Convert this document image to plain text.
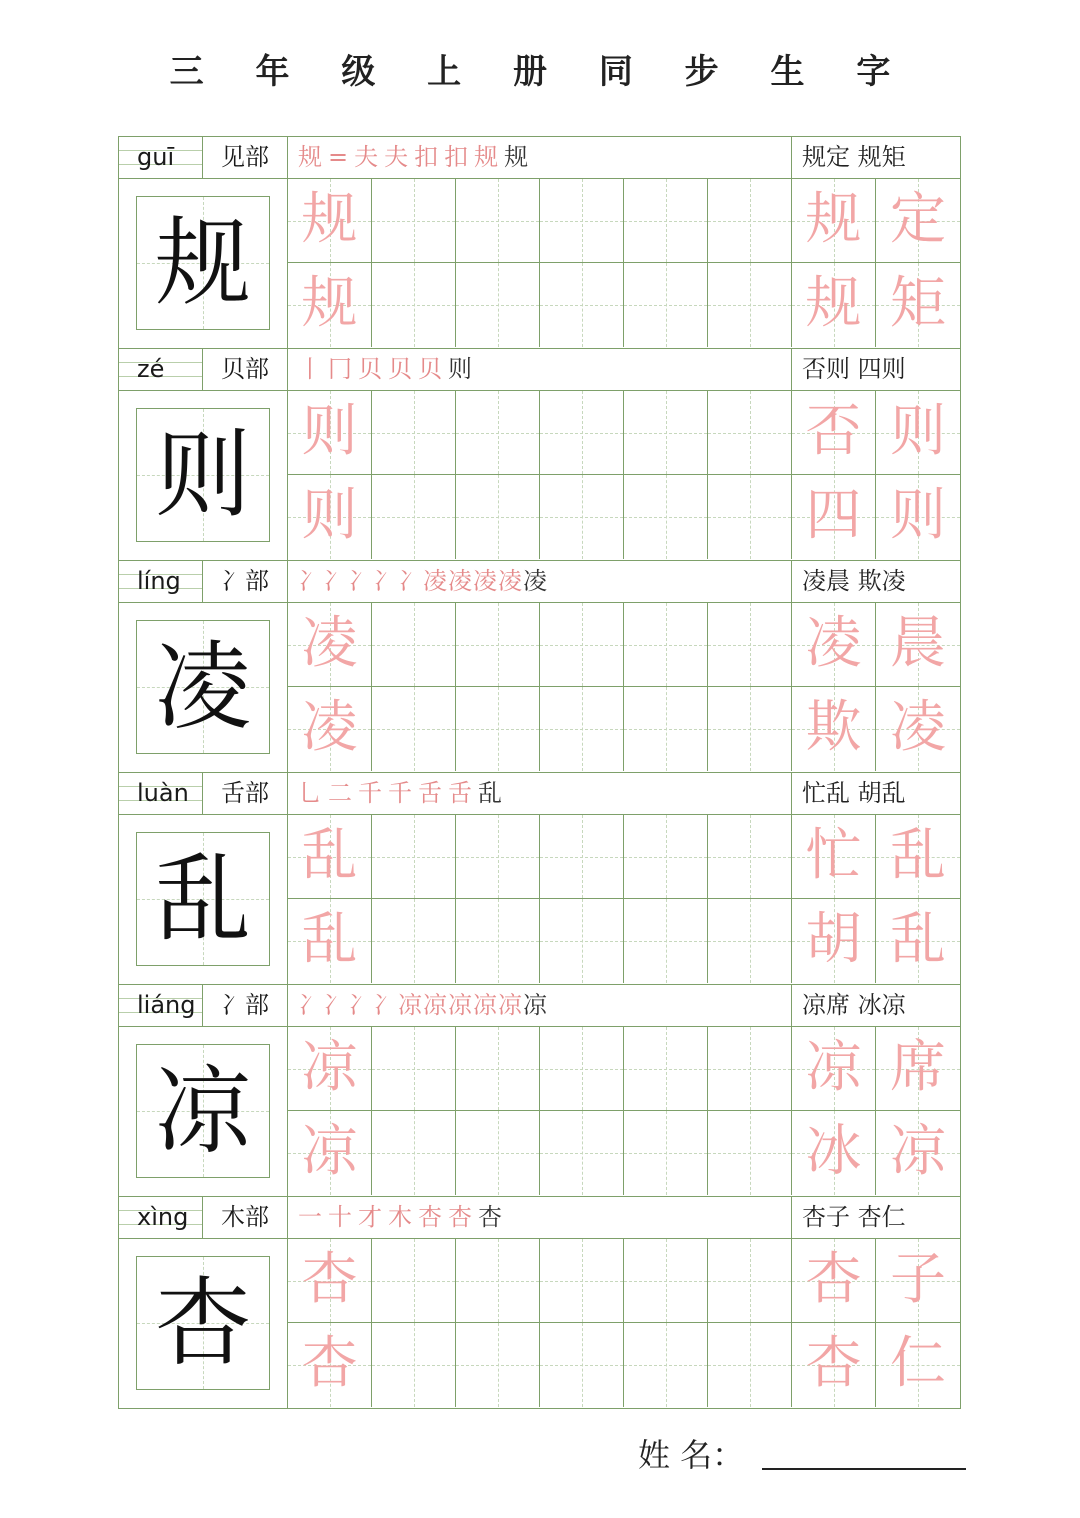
三 年 级 上 册 同 步 生 字
guī	见部	规=夫夫扣扣规规	规定 规矩
规 规	规 定
规	规 矩
zé	贝部	丨冂贝贝贝则	否则 四则
则 则	否 则
则	四 则
líng	冫部	冫冫冫冫冫凌凌凌凌凌	凌晨 欺凌
凌 凌	凌 晨
凌	欺 凌
luàn	舌部	乚二千千舌舌乱	忙乱 胡乱
乱 乱	忙 乱
乱	胡 乱
liáng	冫部	冫冫冫冫凉凉凉凉凉凉	凉席 冰凉
凉 凉	凉 席
凉	冰 凉
xìng	木部	一十才木杏杏杏	杏子 杏仁
杏 杏	杏 子
杏	杏 仁
姓 名：
